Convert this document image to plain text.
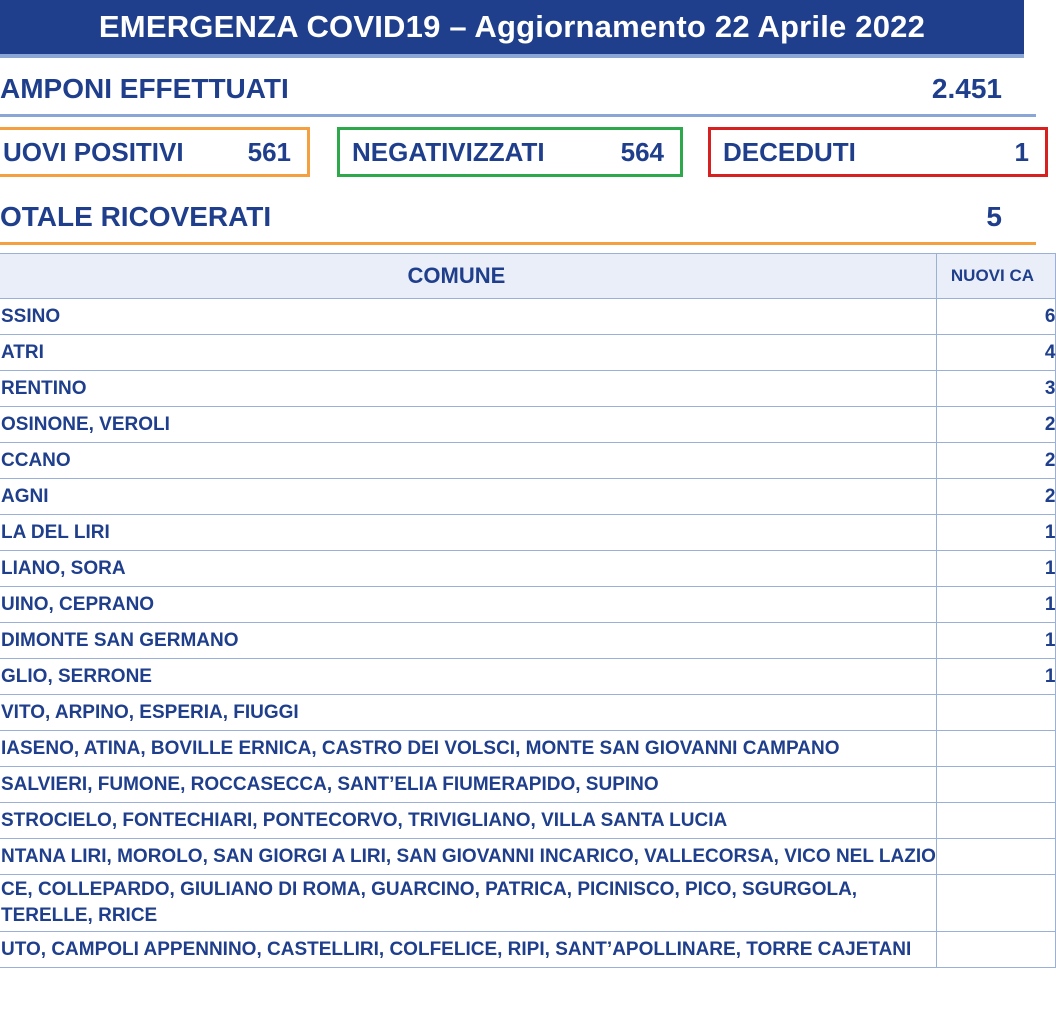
EMERGENZA COVID19 – Aggiornamento 22 Aprile 2022
AMPONI EFFETTUATI	2.451
UOVI POSITIVI 561 NEGATIVIZZATI	564 DECEDUTI	1
OTALE RICOVERATI	5
COMUNE	NUOVI CA
SSINO	6
ATRI	4
RENTINO	3
OSINONE, VEROLI	2
CCANO	2
AGNI	2
LA DEL LIRI	1
LIANO, SORA	1
UINO, CEPRANO	1
DIMONTE SAN GERMANO	1
GLIO, SERRONE	1
VITO, ARPINO, ESPERIA, FIUGGI	
IASENO, ATINA, BOVILLE ERNICA, CASTRO DEI VOLSCI, MONTE SAN GIOVANNI CAMPANO	
SALVIERI, FUMONE, ROCCASECCA, SANT’ELIA FIUMERAPIDO, SUPINO	
STROCIELO, FONTECHIARI, PONTECORVO, TRIVIGLIANO, VILLA SANTA LUCIA	
NTANA LIRI, MOROLO, SAN GIORGI A LIRI, SAN GIOVANNI INCARICO, VALLECORSA, VICO NEL LAZIO	
CE, COLLEPARDO, GIULIANO DI ROMA, GUARCINO, PATRICA, PICINISCO, PICO, SGURGOLA, TERELLE, RRICE	
UTO, CAMPOLI APPENNINO, CASTELLIRI, COLFELICE, RIPI, SANT’APOLLINARE, TORRE CAJETANI	
